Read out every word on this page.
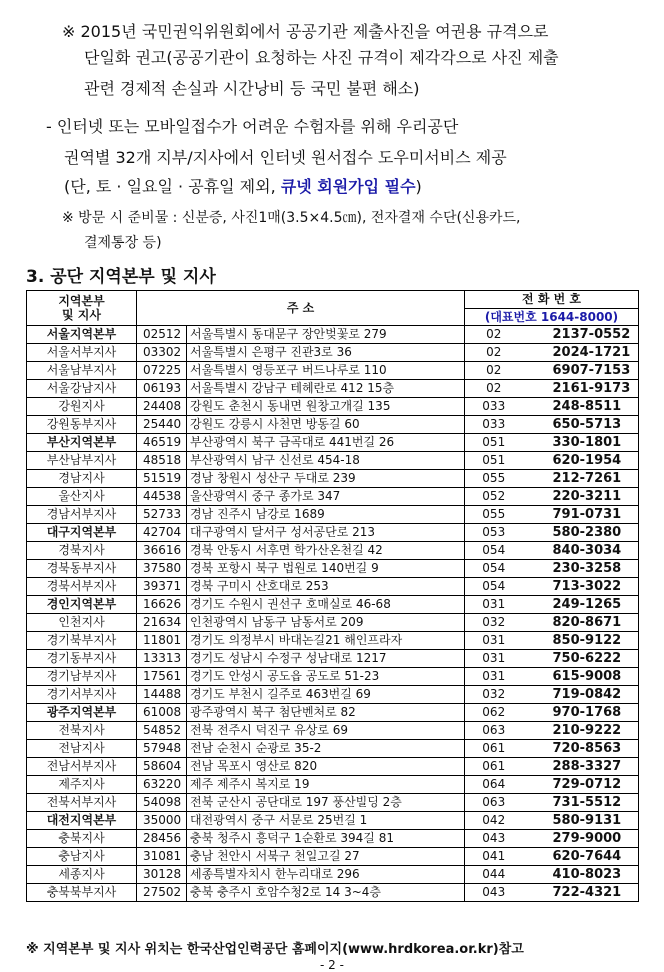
※ 2015년 국민권익위원회에서 공공기관 제출사진을 여권용 규격으로
단일화 권고(공공기관이 요청하는 사진 규격이 제각각으로 사진 제출
관련 경제적 손실과 시간낭비 등 국민 불편 해소)
- 인터넷 또는 모바일접수가 어려운 수험자를 위해 우리공단
권역별 32개 지부/지사에서 인터넷 원서접수 도우미서비스 제공
(단, 토 · 일요일 · 공휴일 제외, 큐넷 회원가입 필수)
※ 방문 시 준비물 : 신분증, 사진1매(3.5×4.5㎝), 전자결재 수단(신용카드,
결제통장 등)
3. 공단 지역본부 및 지사
지역본부
및 지사	주 소		전 화 번 호	
			(대표번호 1644-8000)	
서울지역본부	02512	서울특별시 동대문구 장안벚꽃로 279	02	2137-0552
서울서부지사	03302	서울특별시 은평구 진관3로 36	02	2024-1721
서울남부지사	07225	서울특별시 영등포구 버드나루로 110	02	6907-7153
서울강남지사	06193	서울특별시 강남구 테헤란로 412 15층	02	2161-9173
강원지사	24408	강원도 춘천시 동내면 원창고개길 135	033	248-8511
강원동부지사	25440	강원도 강릉시 사천면 방동길 60	033	650-5713
부산지역본부	46519	부산광역시 북구 금곡대로 441번길 26	051	330-1801
부산남부지사	48518	부산광역시 남구 신선로 454-18	051	620-1954
경남지사	51519	경남 창원시 성산구 두대로 239	055	212-7261
울산지사	44538	울산광역시 중구 종가로 347	052	220-3211
경남서부지사	52733	경남 진주시 남강로 1689	055	791-0731
대구지역본부	42704	대구광역시 달서구 성서공단로 213	053	580-2380
경북지사	36616	경북 안동시 서후면 학가산온천길 42	054	840-3034
경북동부지사	37580	경북 포항시 북구 법원로 140번길 9	054	230-3258
경북서부지사	39371	경북 구미시 산호대로 253	054	713-3022
경인지역본부	16626	경기도 수원시 권선구 호매실로 46-68	031	249-1265
인천지사	21634	인천광역시 남동구 남동서로 209	032	820-8671
경기북부지사	11801	경기도 의정부시 바대논길21 해인프라자	031	850-9122
경기동부지사	13313	경기도 성남시 수정구 성남대로 1217	031	750-6222
경기남부지사	17561	경기도 안성시 공도읍 공도로 51-23	031	615-9008
경기서부지사	14488	경기도 부천시 길주로 463번길 69	032	719-0842
광주지역본부	61008	광주광역시 북구 첨단벤처로 82	062	970-1768
전북지사	54852	전북 전주시 덕진구 유상로 69	063	210-9222
전남지사	57948	전남 순천시 순광로 35-2	061	720-8563
전남서부지사	58604	전남 목포시 영산로 820	061	288-3327
제주지사	63220	제주 제주시 복지로 19	064	729-0712
전북서부지사	54098	전북 군산시 공단대로 197 풍산빌딩 2층	063	731-5512
대전지역본부	35000	대전광역시 중구 서문로 25번길 1	042	580-9131
충북지사	28456	충북 청주시 흥덕구 1순환로 394길 81	043	279-9000
충남지사	31081	충남 천안시 서북구 천일고길 27	041	620-7644
세종지사	30128	세종특별자치시 한누리대로 296	044	410-8023
충북북부지사	27502	충북 충주시 호암수청2로 14 3~4층	043	722-4321
※ 지역본부 및 지사 위치는 한국산업인력공단 홈페이지(www.hrdkorea.or.kr)참고
- 2 -
